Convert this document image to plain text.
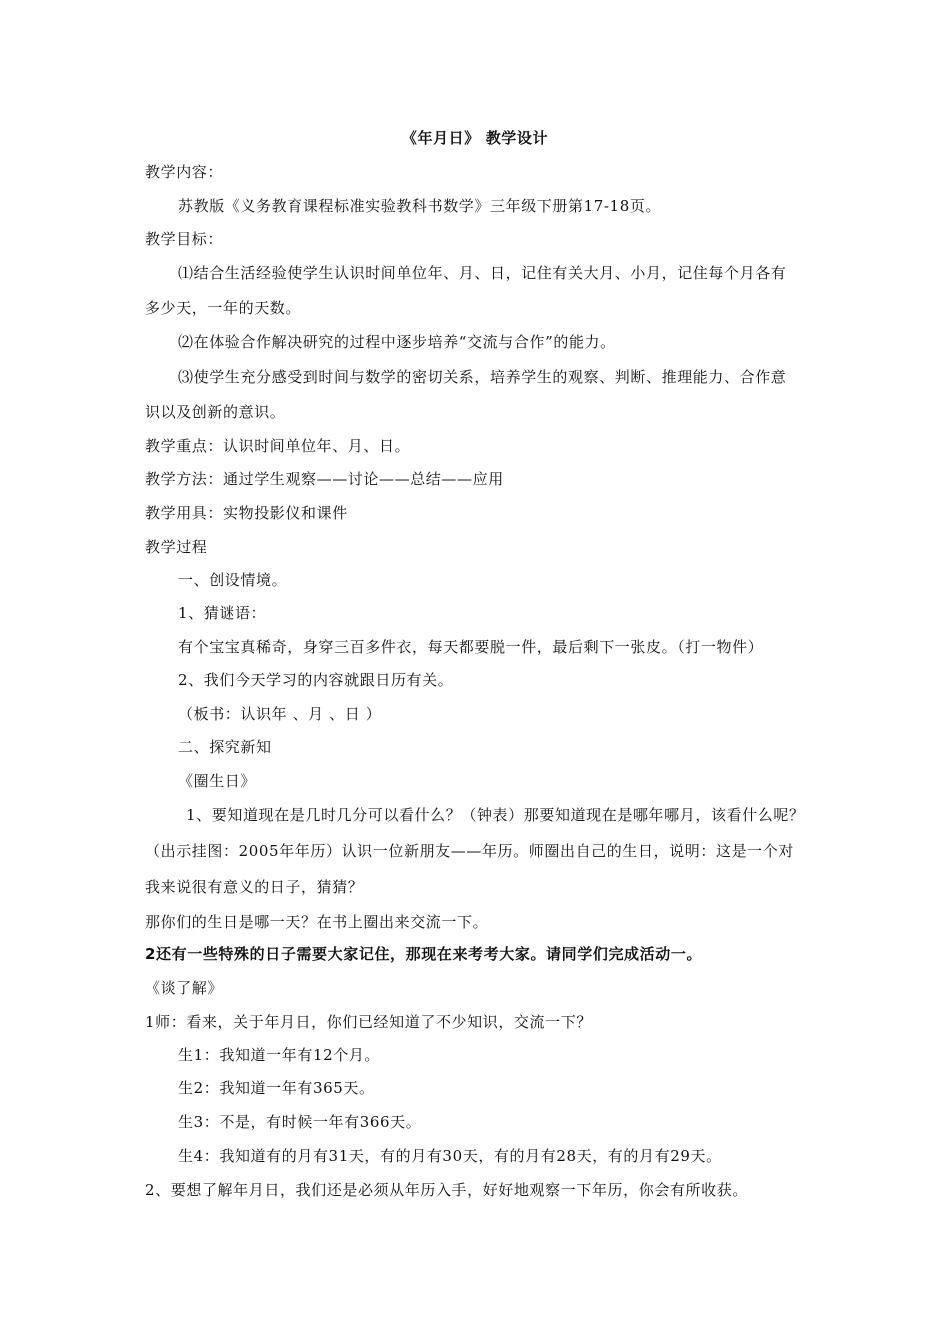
《年月日》 教学设计
教学内容：
苏教版《义务教育课程标准实验教科书数学》三年级下册第17-18页。
教学目标：
⑴结合生活经验使学生认识时间单位年、月、日，记住有关大月、小月，记住每个月各有
多少天，一年的天数。
⑵在体验合作解决研究的过程中逐步培养“交流与合作”的能力。
⑶使学生充分感受到时间与数学的密切关系，培养学生的观察、判断、推理能力、合作意
识以及创新的意识。
教学重点：认识时间单位年、月、日。
教学方法：通过学生观察——讨论——总结——应用
教学用具：实物投影仪和课件
教学过程
一、创设情境。
1、猜谜语：
有个宝宝真稀奇，身穿三百多件衣，每天都要脱一件，最后剩下一张皮。（打一物件）
2、我们今天学习的内容就跟日历有关。
（板书：认识年 、月 、日 ）
二、探究新知
《圈生日》
1、要知道现在是几时几分可以看什么？（钟表）那要知道现在是哪年哪月，该看什么呢？
（出示挂图：2005年年历）认识一位新朋友——年历。师圈出自己的生日，说明：这是一个对
我来说很有意义的日子，猜猜？
那你们的生日是哪一天？在书上圈出来交流一下。
2还有一些特殊的日子需要大家记住，那现在来考考大家。请同学们完成活动一。
《谈了解》
1师：看来，关于年月日，你们已经知道了不少知识，交流一下？
生1：我知道一年有12个月。
生2：我知道一年有365天。
生3：不是，有时候一年有366天。
生4：我知道有的月有31天，有的月有30天，有的月有28天，有的月有29天。
2、要想了解年月日，我们还是必须从年历入手，好好地观察一下年历，你会有所收获。
